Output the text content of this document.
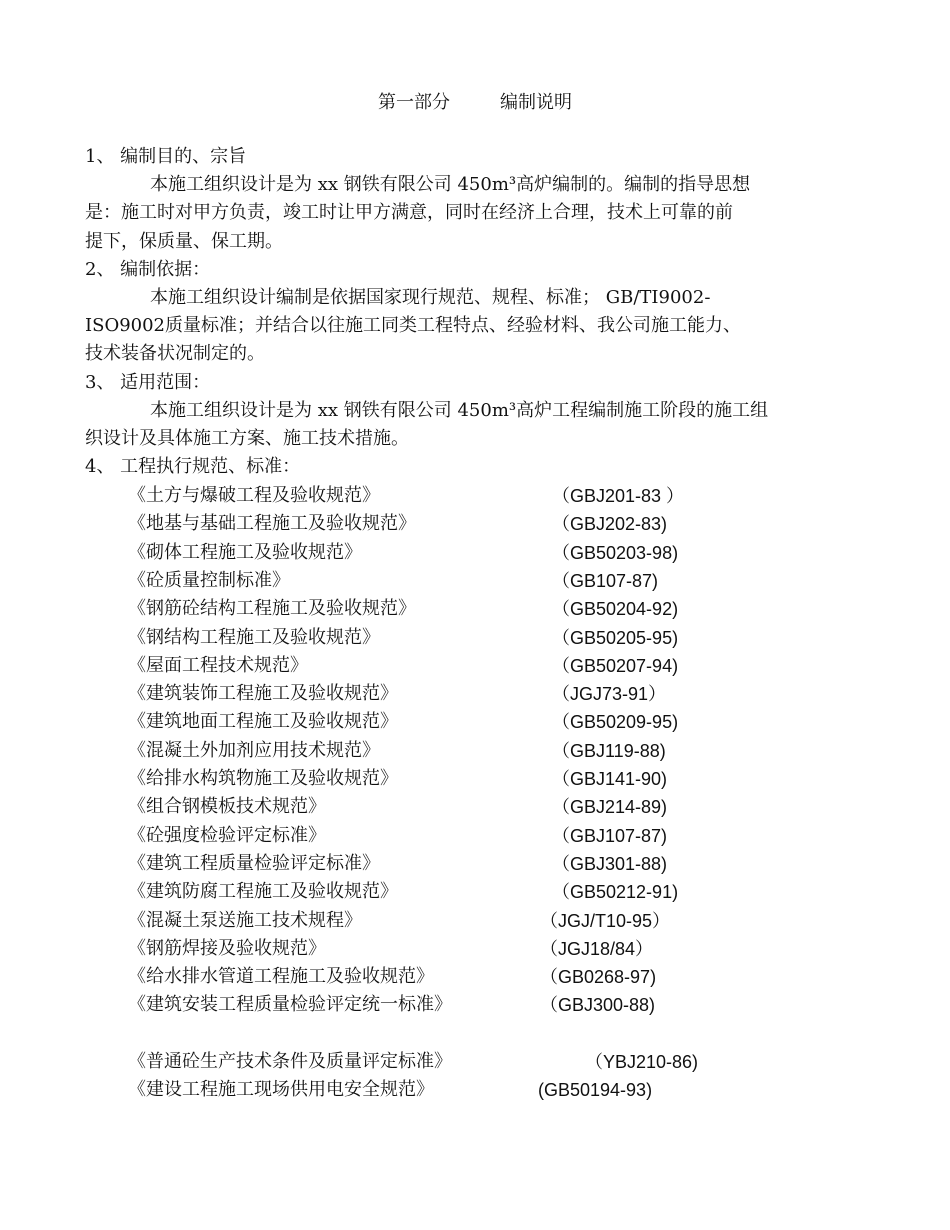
第一部分	编制说明
1、 编制目的、宗旨
本施工组织设计是为 xx 钢铁有限公司 450m³高炉编制的。编制的指导思想
是：施工时对甲方负责，竣工时让甲方满意，同时在经济上合理，技术上可靠的前
提下，保质量、保工期。
2、 编制依据：
本施工组织设计编制是依据国家现行规范、规程、标准； GB/TI9002-
ISO9002质量标准；并结合以往施工同类工程特点、经验材料、我公司施工能力、
技术装备状况制定的。
3、 适用范围：
本施工组织设计是为 xx 钢铁有限公司 450m³高炉工程编制施工阶段的施工组
织设计及具体施工方案、施工技术措施。
4、 工程执行规范、标准：
《土方与爆破工程及验收规范》	（GBJ201-83 ）
《地基与基础工程施工及验收规范》	（GBJ202-83)
《砌体工程施工及验收规范》	（GB50203-98)
《砼质量控制标准》	（GB107-87)
《钢筋砼结构工程施工及验收规范》	（GB50204-92)
《钢结构工程施工及验收规范》	（GB50205-95)
《屋面工程技术规范》	（GB50207-94)
《建筑装饰工程施工及验收规范》	（JGJ73-91）
《建筑地面工程施工及验收规范》	（GB50209-95)
《混凝土外加剂应用技术规范》	（GBJ119-88)
《给排水构筑物施工及验收规范》	（GBJ141-90)
《组合钢模板技术规范》	（GBJ214-89)
《砼强度检验评定标准》	（GBJ107-87)
《建筑工程质量检验评定标准》	（GBJ301-88)
《建筑防腐工程施工及验收规范》	（GB50212-91)
《混凝土泵送施工技术规程》	（JGJ/T10-95）
《钢筋焊接及验收规范》	（JGJ18/84）
《给水排水管道工程施工及验收规范》	（GB0268-97)
《建筑安装工程质量检验评定统一标准》	（GBJ300-88)
《普通砼生产技术条件及质量评定标准》	（YBJ210-86)
《建设工程施工现场供用电安全规范》	(GB50194-93)
